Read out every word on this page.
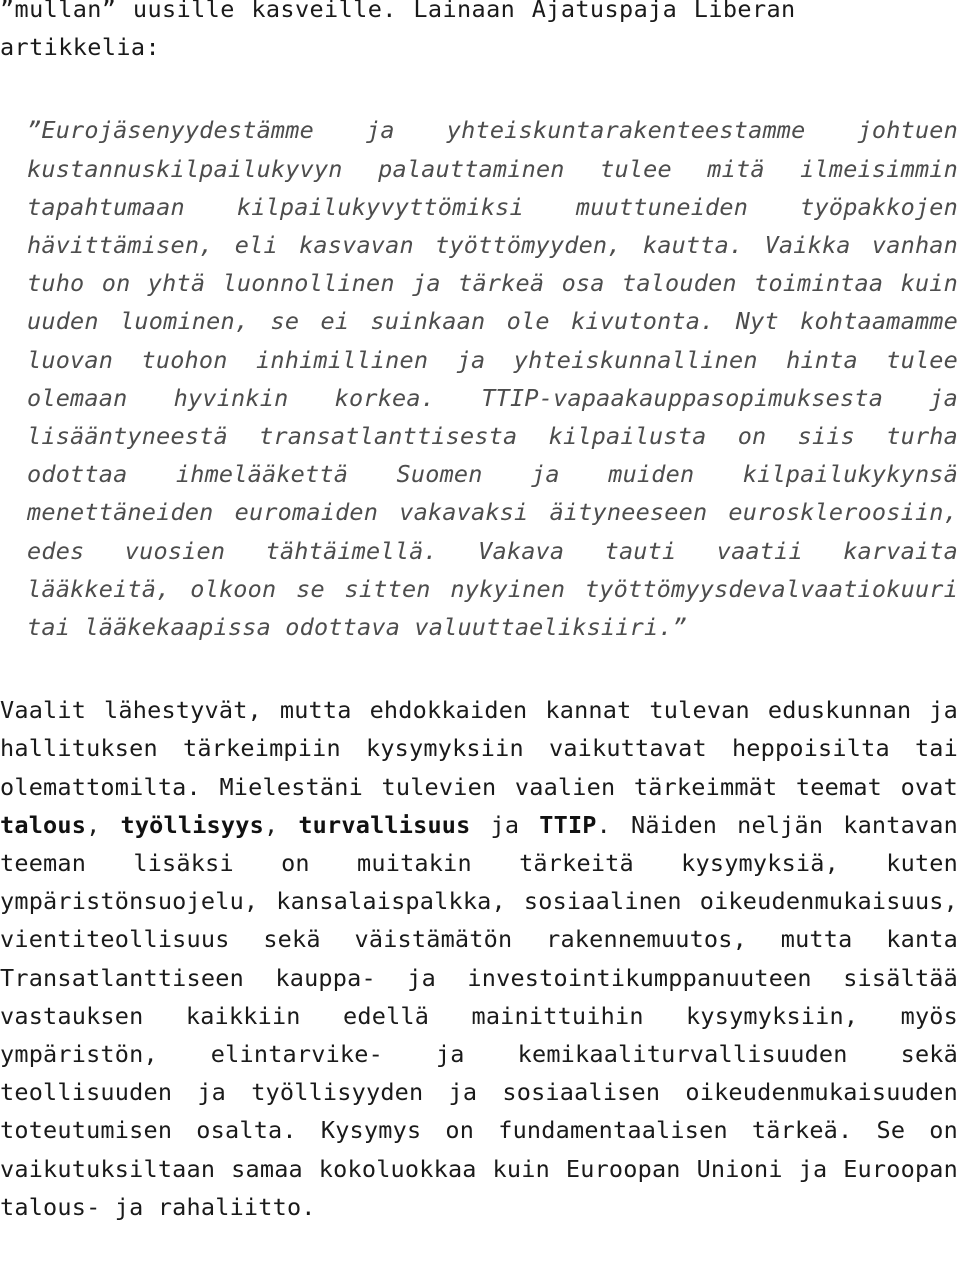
”mullan” uusille kasveille. Lainaan Ajatuspaja Liberan artikkelia:

”Eurojäsenyydestämme ja yhteiskuntarakenteestamme johtuen kustannuskilpailukyvyn palauttaminen tulee mitä ilmeisimmin tapahtumaan kilpailukyvyttömiksi muuttuneiden työpakkojen hävittämisen, eli kasvavan työttömyyden, kautta. Vaikka vanhan tuho on yhtä luonnollinen ja tärkeä osa talouden toimintaa kuin uuden luominen, se ei suinkaan ole kivutonta. Nyt kohtaamamme luovan tuohon inhimillinen ja yhteiskunnallinen hinta tulee olemaan hyvinkin korkea. TTIP-vapaakauppasopimuksesta ja lisääntyneestä transatlanttisesta kilpailusta on siis turha odottaa ihmelääkettä Suomen ja muiden kilpailukykynsä menettäneiden euromaiden vakavaksi äityneeseen euroskleroosiin, edes vuosien tähtäimellä. Vakava tauti vaatii karvaita lääkkeitä, olkoon se sitten nykyinen työttömyysdevalvaatiokuuri tai lääkekaapissa odottava valuuttaeliksiiri.”

Vaalit lähestyvät, mutta ehdokkaiden kannat tulevan eduskunnan ja hallituksen tärkeimpiin kysymyksiin vaikuttavat heppoisilta tai olemattomilta. Mielestäni tulevien vaalien tärkeimmät teemat ovat talous, työllisyys, turvallisuus ja TTIP. Näiden neljän kantavan teeman lisäksi on muitakin tärkeitä kysymyksiä, kuten ympäristönsuojelu, kansalaispalkka, sosiaalinen oikeudenmukaisuus, vientiteollisuus sekä väistämätön rakennemuutos, mutta kanta Transatlanttiseen kauppa- ja investointikumppanuuteen sisältää vastauksen kaikkiin edellä mainittuihin kysymyksiin, myös ympäristön, elintarvike- ja kemikaaliturvallisuuden sekä teollisuuden ja työllisyyden ja sosiaalisen oikeudenmukaisuuden toteutumisen osalta. Kysymys on fundamentaalisen tärkeä. Se on vaikutuksiltaan samaa kokoluokkaa kuin Euroopan Unioni ja Euroopan talous- ja rahaliitto.
